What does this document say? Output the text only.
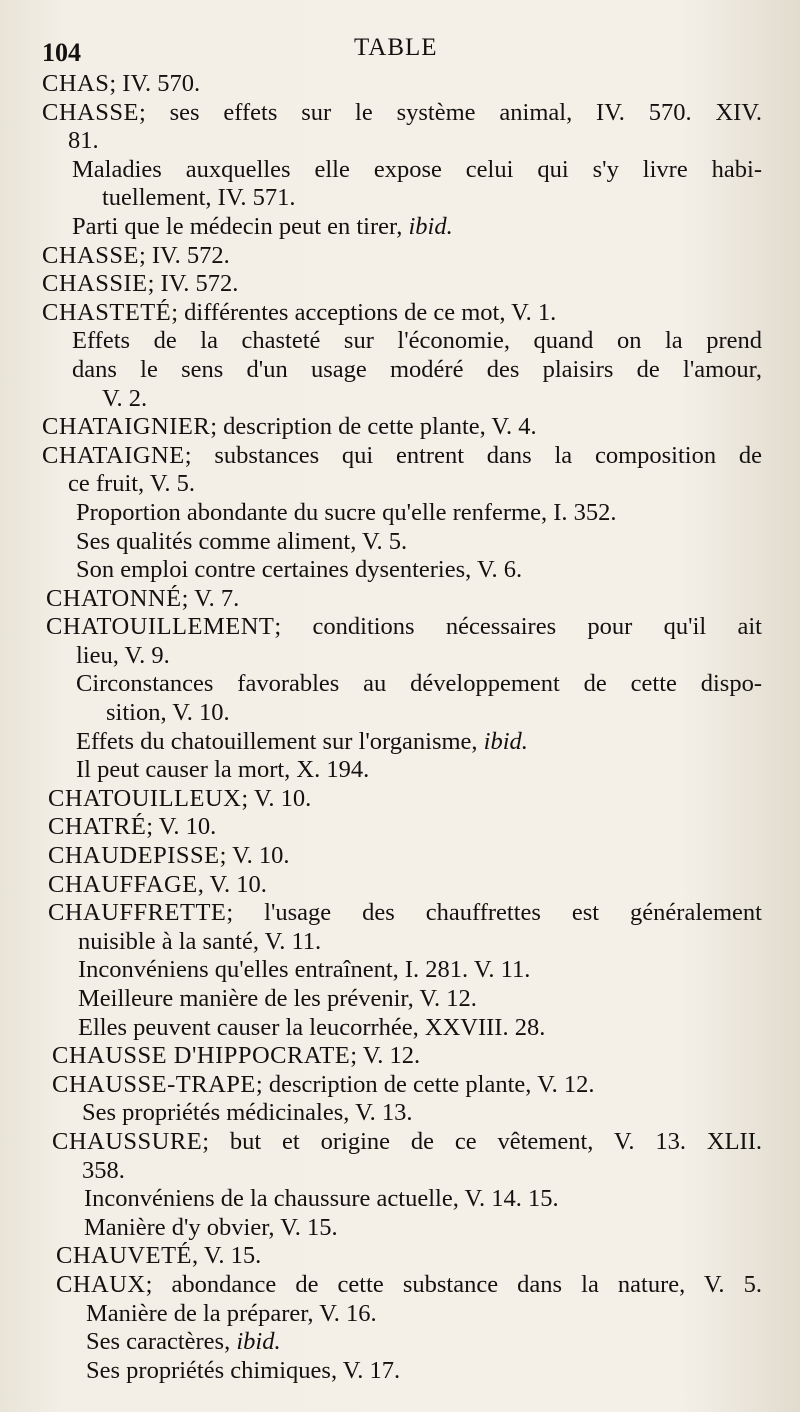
104	TABLE

CHAS; IV. 570.

CHASSE; ses effets sur le système animal, IV. 570. XIV.

81.

Maladies auxquelles elle expose celui qui s'y livre habi-

tuellement, IV. 571.

Parti que le médecin peut en tirer, ibid.

CHASSE; IV. 572.

CHASSIE; IV. 572.

CHASTETÉ; différentes acceptions de ce mot, V. 1.

Effets de la chasteté sur l'économie, quand on la prend

dans le sens d'un usage modéré des plaisirs de l'amour,

V. 2.

CHATAIGNIER; description de cette plante, V. 4.

CHATAIGNE; substances qui entrent dans la composition de

ce fruit, V. 5.

Proportion abondante du sucre qu'elle renferme, I. 352.

Ses qualités comme aliment, V. 5.

Son emploi contre certaines dysenteries, V. 6.

CHATONNÉ; V. 7.

CHATOUILLEMENT; conditions nécessaires pour qu'il ait

lieu, V. 9.

Circonstances favorables au développement de cette dispo-

sition, V. 10.

Effets du chatouillement sur l'organisme, ibid.

Il peut causer la mort, X. 194.

CHATOUILLEUX; V. 10.

CHATRÉ; V. 10.

CHAUDEPISSE; V. 10.

CHAUFFAGE, V. 10.

CHAUFFRETTE; l'usage des chauffrettes est généralement

nuisible à la santé, V. 11.

Inconvéniens qu'elles entraînent, I. 281. V. 11.

Meilleure manière de les prévenir, V. 12.

Elles peuvent causer la leucorrhée, XXVIII. 28.

CHAUSSE D'HIPPOCRATE; V. 12.

CHAUSSE-TRAPE; description de cette plante, V. 12.

Ses propriétés médicinales, V. 13.

CHAUSSURE; but et origine de ce vêtement, V. 13. XLII.

358.

Inconvéniens de la chaussure actuelle, V. 14. 15.

Manière d'y obvier, V. 15.

CHAUVETÉ, V. 15.

CHAUX; abondance de cette substance dans la nature, V. 5.

Manière de la préparer, V. 16.

Ses caractères, ibid.

Ses propriétés chimiques, V. 17.
